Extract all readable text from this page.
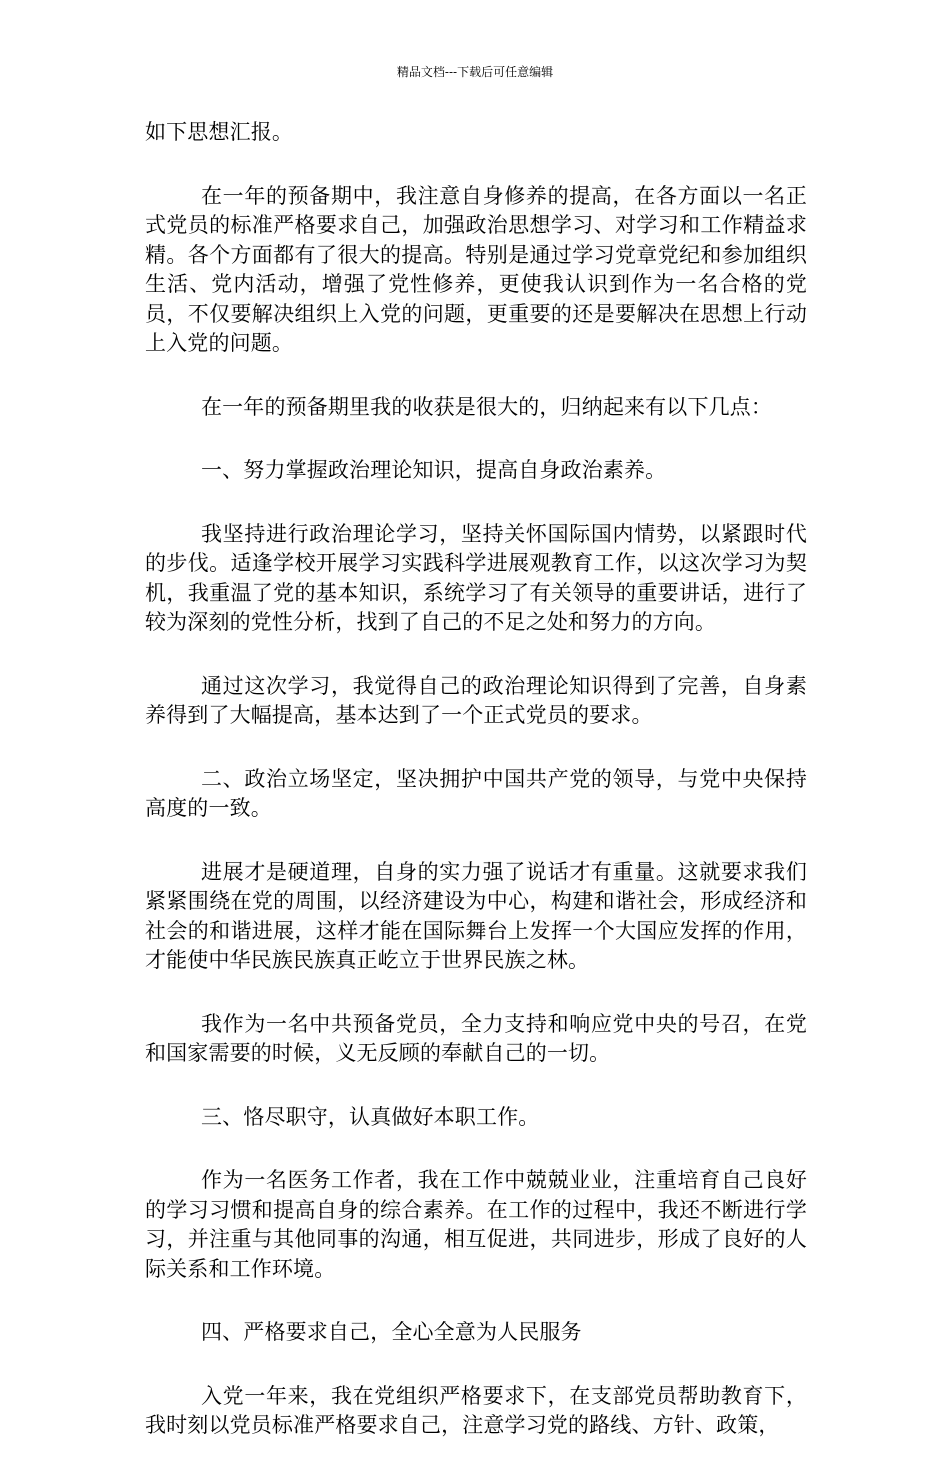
精品文档---下载后可任意编辑

如下思想汇报。

在一年的预备期中，我注意自身修养的提高，在各方面以一名正式党员的标准严格要求自己，加强政治思想学习、对学习和工作精益求精。各个方面都有了很大的提高。特别是通过学习党章党纪和参加组织生活、党内活动，增强了党性修养，更使我认识到作为一名合格的党员，不仅要解决组织上入党的问题，更重要的还是要解决在思想上行动上入党的问题。

在一年的预备期里我的收获是很大的，归纳起来有以下几点：

一、努力掌握政治理论知识，提高自身政治素养。

我坚持进行政治理论学习，坚持关怀国际国内情势，以紧跟时代的步伐。适逢学校开展学习实践科学进展观教育工作，以这次学习为契机，我重温了党的基本知识，系统学习了有关领导的重要讲话，进行了较为深刻的党性分析，找到了自己的不足之处和努力的方向。

通过这次学习，我觉得自己的政治理论知识得到了完善，自身素养得到了大幅提高，基本达到了一个正式党员的要求。

二、政治立场坚定，坚决拥护中国共产党的领导，与党中央保持高度的一致。

进展才是硬道理，自身的实力强了说话才有重量。这就要求我们紧紧围绕在党的周围，以经济建设为中心，构建和谐社会，形成经济和社会的和谐进展，这样才能在国际舞台上发挥一个大国应发挥的作用，才能使中华民族民族真正屹立于世界民族之林。

我作为一名中共预备党员，全力支持和响应党中央的号召，在党和国家需要的时候，义无反顾的奉献自己的一切。

三、恪尽职守，认真做好本职工作。

作为一名医务工作者，我在工作中兢兢业业，注重培育自己良好的学习习惯和提高自身的综合素养。在工作的过程中，我还不断进行学习，并注重与其他同事的沟通，相互促进，共同进步，形成了良好的人际关系和工作环境。

四、严格要求自己，全心全意为人民服务

入党一年来，我在党组织严格要求下，在支部党员帮助教育下，我时刻以党员标准严格要求自己，注意学习党的路线、方针、政策，
